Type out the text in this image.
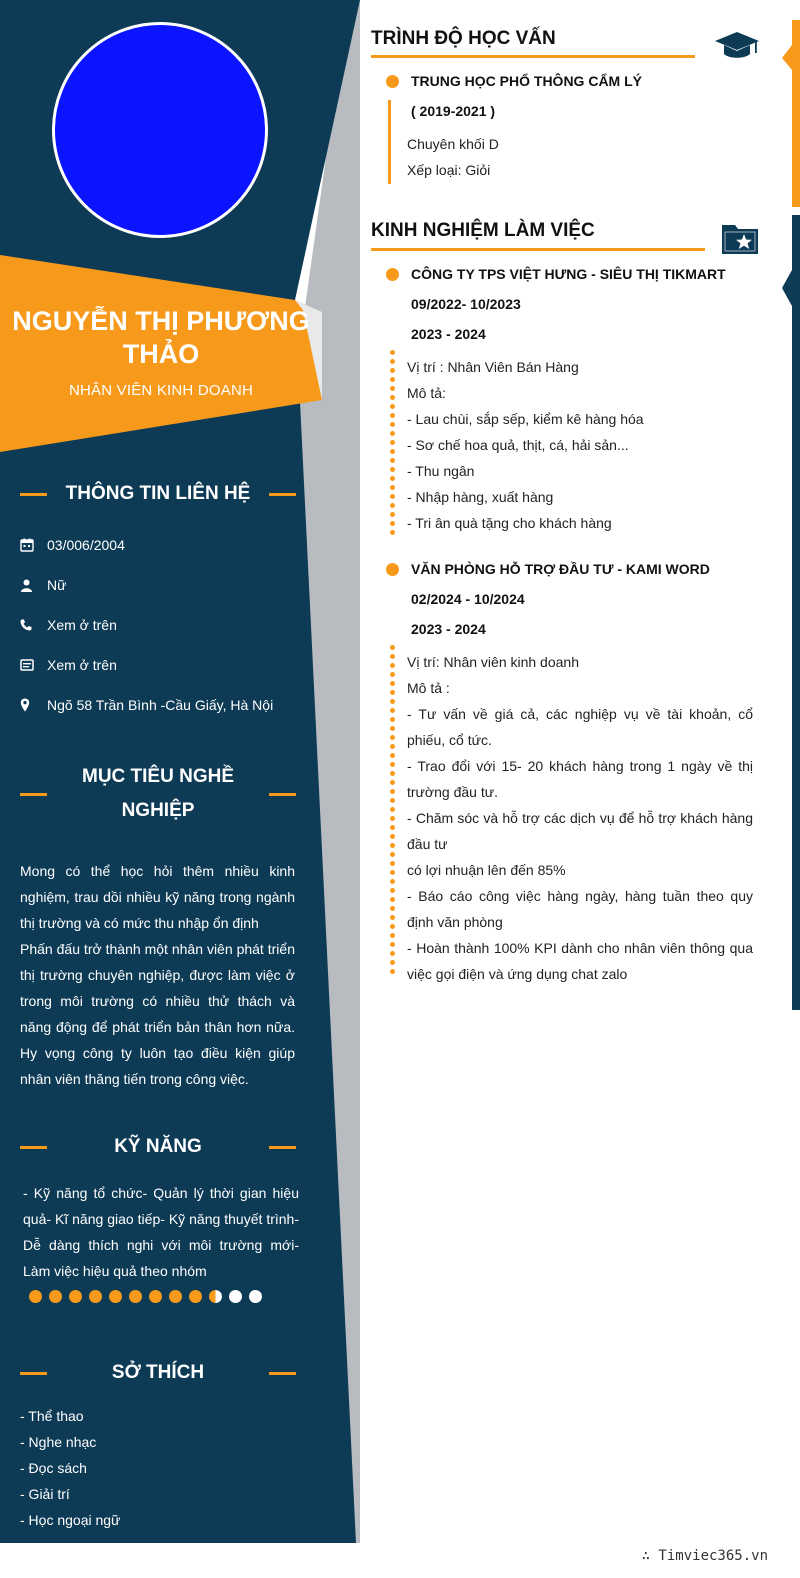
NGUYỄN THỊ PHƯƠNG THẢO
NHÂN VIÊN KINH DOANH
THÔNG TIN LIÊN HỆ
03/006/2004
Nữ
Xem ở trên
Xem ở trên
Ngõ 58 Trần Bình -Cầu Giấy, Hà Nội
MỤC TIÊU NGHỀ
NGHIỆP
Mong có thể học hỏi thêm nhiều kinh nghiệm, trau dồi nhiều kỹ năng trong ngành thị trường và có mức thu nhập ổn định
Phấn đấu trở thành một nhân viên phát triển thị trường chuyên nghiệp, được làm việc ở trong môi trường có nhiều thử thách và năng động để phát triển bản thân hơn nữa. Hy vọng công ty luôn tạo điều kiện giúp nhân viên thăng tiến trong công việc.
KỸ NĂNG
- Kỹ năng tổ chức- Quản lý thời gian hiệu quả- Kĩ năng giao tiếp- Kỹ năng thuyết trình- Dễ dàng thích nghi với môi trường mới- Làm việc hiệu quả theo nhóm
SỞ THÍCH
- Thể thao
- Nghe nhạc
- Đọc sách
- Giải trí
- Học ngoại ngữ
TRÌNH ĐỘ HỌC VẤN
TRUNG HỌC PHỔ THÔNG CẨM LÝ
( 2019-2021 )
Chuyên khối D
Xếp loại: Giỏi
KINH NGHIỆM LÀM VIỆC
CÔNG TY TPS VIỆT HƯNG - SIÊU THỊ TIKMART
09/2022- 10/2023
2023 - 2024
Vị trí : Nhân Viên Bán Hàng
Mô tả:
- Lau chùi, sắp sếp, kiểm kê hàng hóa
- Sơ chế hoa quả, thịt, cá, hải sản...
- Thu ngân
- Nhập hàng, xuất hàng
- Tri ân quà tặng cho khách hàng
VĂN PHÒNG HỖ TRỢ ĐẦU TƯ - KAMI WORD
02/2024 - 10/2024
2023 - 2024
Vị trí: Nhân viên kinh doanh
Mô tả :
- Tư vấn về giá cả, các nghiệp vụ về tài khoản, cổ phiếu, cổ tức.
- Trao đổi với 15- 20 khách hàng trong 1 ngày về thị trường đầu tư.
- Chăm sóc và hỗ trợ các dịch vụ để hỗ trợ khách hàng đầu tư
có lợi nhuận lên đến 85%
- Báo cáo công việc hàng ngày, hàng tuần theo quy định văn phòng
- Hoàn thành 100% KPI dành cho nhân viên thông qua việc gọi điện và ứng dụng chat zalo
∴ Timviec365.vn
